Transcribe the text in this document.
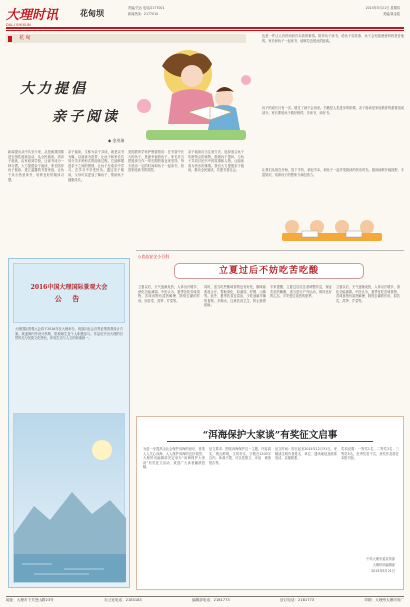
大理时讯
DALI SHIXUN
花甸坝	责编/关运 电话/2177001
新闻热线：2177010
2015年5月21日 星期四
美编/龚金铭
$^{花 甸}$
大力提倡
亲子阅读
◆ 金茂瑞
新闻提出从中共至少来，从是就我国推进全国性阅读活动，从全民阅读，到亲子阅读，由家庭到学校，让读书成为一种习惯。大力提倡亲子阅读，家长陪伴孩子阅读，建立温馨的书香家庭，让孩子从小热爱读书，培养良好的阅读习惯。
亲子阅读，又称为亲子共读，就是以书为媒，以阅读为纽带，让孩子和家长共同分享多种形式的阅读过程。它能够增进亲子之间的感情，让孩子在欢乐中学习，在学习中享受快乐。通过亲子阅读，父母可以更加了解孩子，帮助孩子健康成长。
美国教育学家萨鲁德曾说：在书香中长大的孩子，是最幸福的孩子。家长应当把阅读当作一项长期的事业来坚持，每天抽出一定的时间和孩子一起读书，营造家庭读书的氛围。
亲子阅读应当注意方法，选择适合孩子年龄特点的读物，鼓励孩子提问，与孩子共同讨论书中的故事和人物，让阅读成为快乐的事情。我们大力提倡亲子阅读，推动全民阅读，共建书香社会。
也是一件让人有时间回归本真的事情。陪伴孩子读书，给孩子讲故事，孩子会知道爸爸妈妈是爱他的。家长和孩子一起读书，能够拉近彼此的距离。
孩子的成长只有一次，错过了就不会再来。书籍是人类进步的阶梯，亲子阅读是家庭教育的重要组成部分。家长要给孩子做好榜样，多读书，读好书。
让我们从现在开始，放下手机，拿起书本，和孩子一起享受阅读的快乐时光。阅读能够开阔视野，丰富知识，培养孩子的想象力和创造力。
2016中国大理国际景观大会
公 告
大理国际景观大会将于2016年在大理举办，现面向社会各界征集景观设计方案。欢迎海内外设计机构、院校师生及个人积极参与。作品应突出大理的自然风光与民族文化特色，体现生态与人文的和谐统一。
◇食品安全小百科
立夏过后不妨吃苦吃酸
立夏以后，天气逐渐炎热，人体出汗增多，消化功能减弱。中医认为，夏季宜吃苦味食物，苦味食物有清热解暑、除烦去燥的作用，如苦瓜、莴笋、芹菜等。
同时，适当吃些酸味食物也有好处，酸味能收敛止汗，帮助消化，如番茄、柠檬、山楂等。此外，夏季饮食宜清淡，少吃油腻辛辣的食物，多喝水，注意饮食卫生，防止肠胃疾病。
专家提醒，立夏过后应注意调整作息，保证充足的睡眠，适当进行户外运动，保持良好的心态，平安度过炎热的夏季。
立夏以后，天气逐渐炎热，人体出汗增多，消化功能减弱。中医认为，夏季宜吃苦味食物，苦味食物有清热解暑、除烦去燥的作用，如苦瓜、莴笋、芹菜等。
“洱海保护大家谈”有奖征文启事
为进一步提高全社会保护洱海的意识，营造人人关心洱海、人人保护洱海的良好氛围，大理时讯编辑部决定举办“洱海保护大家谈”有奖征文活动，欢迎广大读者踊跃投稿。
征文要求：围绕洱海保护这一主题，内容真实，观点鲜明，文风朴实，字数在1500字以内。体裁不限，可以是散文、评论、调查报告等。
征文时间：即日起至2015年12月31日。来稿请注明作者姓名、单位、通讯地址及联系电话，以便联系。
奖项设置：一等奖1名，二等奖3名，三等奖5名，优秀奖若干名，获奖作品将在本报刊登。
中共大理市委宣传部
大理时讯编辑部
2015年5月21日
地址：大理市下关苍山路23号	办公室电话：2183183	编辑部电话：2181773	征订电话：2181773	印刷：大理州大理印务厂
